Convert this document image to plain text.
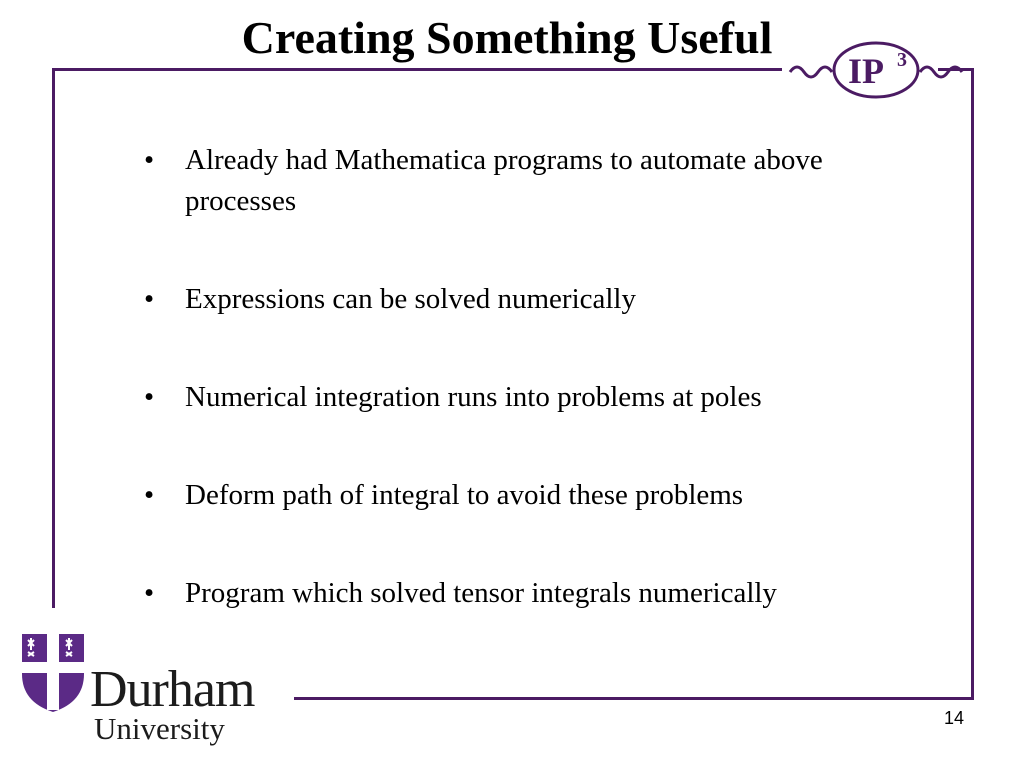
Creating Something Useful
IP 3
• Already had Mathematica programs to automate above processes
• Expressions can be solved numerically
• Numerical integration runs into problems at poles
• Deform path of integral to avoid these problems
• Program which solved tensor integrals numerically
Durham
University	14
